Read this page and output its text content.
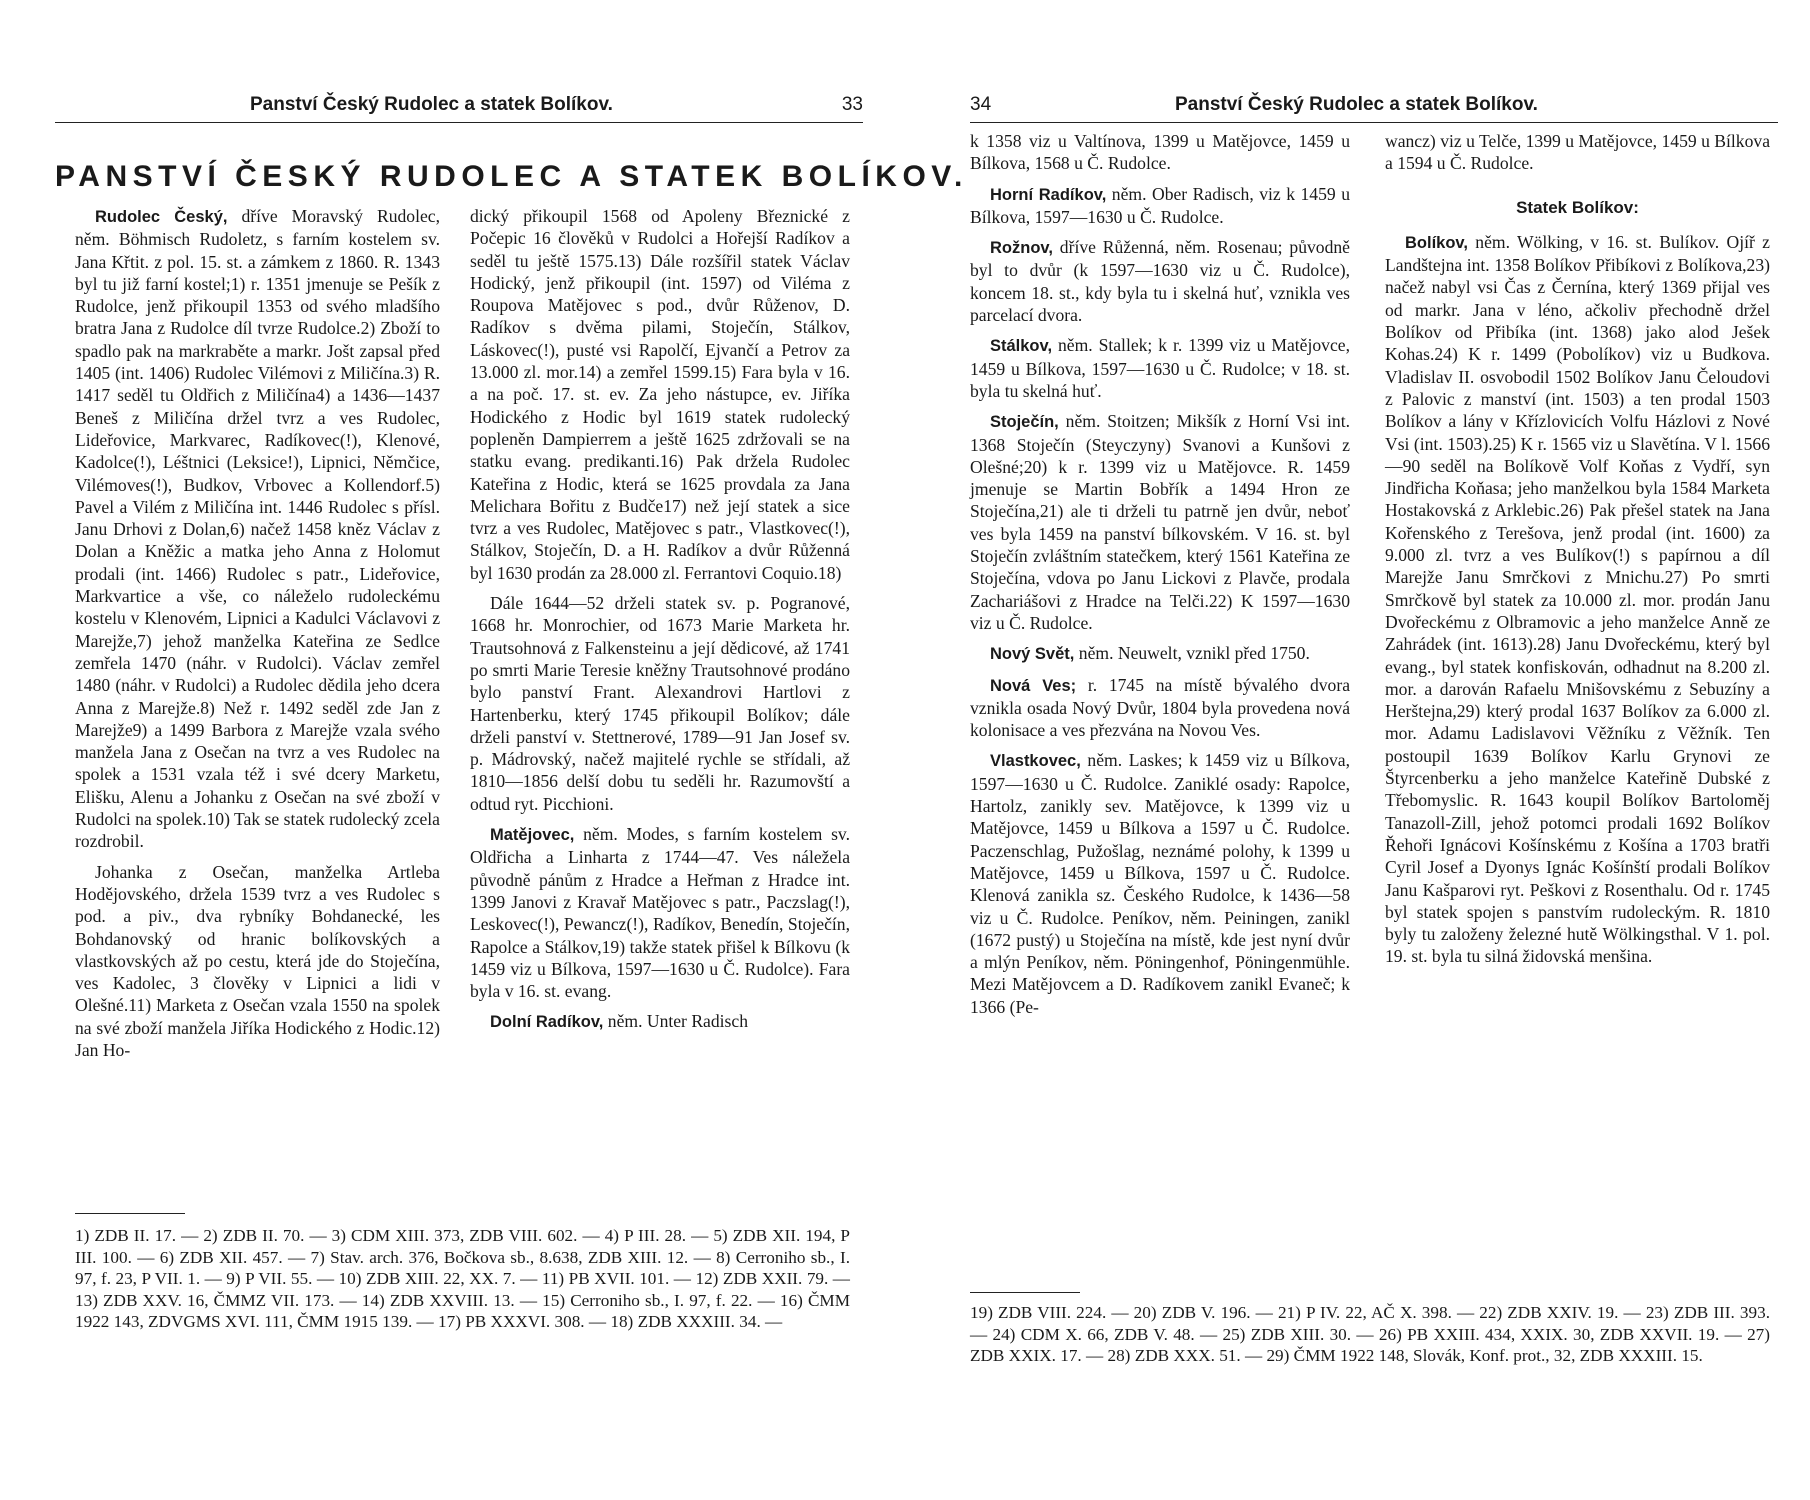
Panství Český Rudolec a statek Bolíkov.	33
PANSTVÍ ČESKÝ RUDOLEC A STATEK BOLÍKOV.

Rudolec Český, dříve Moravský Rudolec, něm. Böhmisch Rudoletz, s farním kostelem sv. Jana Křtit. z pol. 15. st. a zámkem z 1860. R. 1343 byl tu již farní kostel;1) r. 1351 jmenuje se Pešík z Rudolce, jenž přikoupil 1353 od svého mladšího bratra Jana z Rudolce díl tvrze Rudolce.2) Zboží to spadlo pak na markraběte a markr. Jošt zapsal před 1405 (int. 1406) Rudolec Vilémovi z Miličína.3) R. 1417 seděl tu Oldřich z Miličína4) a 1436—1437 Beneš z Miličína držel tvrz a ves Rudolec, Lideřovice, Markvarec, Radíkovec(!), Klenové, Kadolce(!), Léštnici (Leksice!), Lipnici, Němčice, Vilémoves(!), Budkov, Vrbovec a Kollendorf.5) Pavel a Vilém z Miličína int. 1446 Rudolec s přísl. Janu Drhovi z Dolan,6) načež 1458 kněz Václav z Dolan a Kněžic a matka jeho Anna z Holomut prodali (int. 1466) Rudolec s patr., Lideřovice, Markvartice a vše, co náleželo rudoleckému kostelu v Klenovém, Lipnici a Kadulci Václavovi z Marejže,7) jehož manželka Kateřina ze Sedlce zemřela 1470 (náhr. v Rudolci). Václav zemřel 1480 (náhr. v Rudolci) a Rudolec dědila jeho dcera Anna z Marejže.8) Než r. 1492 seděl zde Jan z Marejže9) a 1499 Barbora z Marejže vzala svého manžela Jana z Osečan na tvrz a ves Rudolec na spolek a 1531 vzala též i své dcery Marketu, Elišku, Alenu a Johanku z Osečan na své zboží v Rudolci na spolek.10) Tak se statek rudolecký zcela rozdrobil.

Johanka z Osečan, manželka Artleba Hodějovského, držela 1539 tvrz a ves Rudolec s pod. a piv., dva rybníky Bohdanecké, les Bohdanovský od hranic bolíkovských a vlastkovských až po cestu, která jde do Stoječína, ves Kadolec, 3 člověky v Lipnici a lidi v Olešné.11) Marketa z Osečan vzala 1550 na spolek na své zboží manžela Jiříka Hodického z Hodic.12) Jan Ho-

dický přikoupil 1568 od Apoleny Březnické z Počepic 16 člověků v Rudolci a Hořejší Radíkov a seděl tu ještě 1575.13) Dále rozšířil statek Václav Hodický, jenž přikoupil (int. 1597) od Viléma z Roupova Matějovec s pod., dvůr Růženov, D. Radíkov s dvěma pilami, Stoječín, Stálkov, Láskovec(!), pusté vsi Rapolčí, Ejvančí a Petrov za 13.000 zl. mor.14) a zemřel 1599.15) Fara byla v 16. a na poč. 17. st. ev. Za jeho nástupce, ev. Jiříka Hodického z Hodic byl 1619 statek rudolecký popleněn Dampierrem a ještě 1625 zdržovali se na statku evang. predikanti.16) Pak držela Rudolec Kateřina z Hodic, která se 1625 provdala za Jana Melichara Bořitu z Budče17) než její statek a sice tvrz a ves Rudolec, Matějovec s patr., Vlastkovec(!), Stálkov, Stoječín, D. a H. Radíkov a dvůr Růženná byl 1630 prodán za 28.000 zl. Ferrantovi Coquio.18)

Dále 1644—52 drželi statek sv. p. Pogranové, 1668 hr. Monrochier, od 1673 Marie Marketa hr. Trautsohnová z Falkensteinu a její dědicové, až 1741 po smrti Marie Teresie kněžny Trautsohnové prodáno bylo panství Frant. Alexandrovi Hartlovi z Hartenberku, který 1745 přikoupil Bolíkov; dále drželi panství v. Stettnerové, 1789—91 Jan Josef sv. p. Mádrovský, načež majitelé rychle se střídali, až 1810—1856 delší dobu tu seděli hr. Razumovští a odtud ryt. Picchioni.

Matějovec, něm. Modes, s farním kostelem sv. Oldřicha a Linharta z 1744—47. Ves náležela původně pánům z Hradce a Heřman z Hradce int. 1399 Janovi z Kravař Matějovec s patr., Paczslag(!), Leskovec(!), Pewancz(!), Radíkov, Benedín, Stoječín, Rapolce a Stálkov,19) takže statek přišel k Bílkovu (k 1459 viz u Bílkova, 1597—1630 u Č. Rudolce). Fara byla v 16. st. evang.

Dolní Radíkov, něm. Unter Radisch

1) ZDB II. 17. — 2) ZDB II. 70. — 3) CDM XIII. 373, ZDB VIII. 602. — 4) P III. 28. — 5) ZDB XII. 194, P III. 100. — 6) ZDB XII. 457. — 7) Stav. arch. 376, Bočkova sb., 8.638, ZDB XIII. 12. — 8) Cerroniho sb., I. 97, f. 23, P VII. 1. — 9) P VII. 55. — 10) ZDB XIII. 22, XX. 7. — 11) PB XVII. 101. — 12) ZDB XXII. 79. — 13) ZDB XXV. 16, ČMMZ VII. 173. — 14) ZDB XXVIII. 13. — 15) Cerroniho sb., I. 97, f. 22. — 16) ČMM 1922 143, ZDVGMS XVI. 111, ČMM 1915 139. — 17) PB XXXVI. 308. — 18) ZDB XXXIII. 34. —

34	Panství Český Rudolec a statek Bolíkov.

k 1358 viz u Valtínova, 1399 u Matějovce, 1459 u Bílkova, 1568 u Č. Rudolce.

Horní Radíkov, něm. Ober Radisch, viz k 1459 u Bílkova, 1597—1630 u Č. Rudolce.

Rožnov, dříve Růženná, něm. Rosenau; původně byl to dvůr (k 1597—1630 viz u Č. Rudolce), koncem 18. st., kdy byla tu i skelná huť, vznikla ves parcelací dvora.

Stálkov, něm. Stallek; k r. 1399 viz u Matějovce, 1459 u Bílkova, 1597—1630 u Č. Rudolce; v 18. st. byla tu skelná huť.

Stoječín, něm. Stoitzen; Mikšík z Horní Vsi int. 1368 Stoječín (Steyczyny) Svanovi a Kunšovi z Olešné;20) k r. 1399 viz u Matějovce. R. 1459 jmenuje se Martin Bobřík a 1494 Hron ze Stoječína,21) ale ti drželi tu patrně jen dvůr, neboť ves byla 1459 na panství bílkovském. V 16. st. byl Stoječín zvláštním statečkem, který 1561 Kateřina ze Stoječína, vdova po Janu Lickovi z Plavče, prodala Zachariášovi z Hradce na Telči.22) K 1597—1630 viz u Č. Rudolce.

Nový Svět, něm. Neuwelt, vznikl před 1750.

Nová Ves; r. 1745 na místě bývalého dvora vznikla osada Nový Dvůr, 1804 byla provedena nová kolonisace a ves přezvána na Novou Ves.

Vlastkovec, něm. Laskes; k 1459 viz u Bílkova, 1597—1630 u Č. Rudolce. Zaniklé osady: Rapolce, Hartolz, zanikly sev. Matějovce, k 1399 viz u Matějovce, 1459 u Bílkova a 1597 u Č. Rudolce. Paczenschlag, Pužošlag, neznámé polohy, k 1399 u Matějovce, 1459 u Bílkova, 1597 u Č. Rudolce. Klenová zanikla sz. Českého Rudolce, k 1436—58 viz u Č. Rudolce. Peníkov, něm. Peiningen, zanikl (1672 pustý) u Stoječína na místě, kde jest nyní dvůr a mlýn Peníkov, něm. Pöningenhof, Pöningenmühle. Mezi Matějovcem a D. Radíkovem zanikl Evaneč; k 1366 (Pe-

wancz) viz u Telče, 1399 u Matějovce, 1459 u Bílkova a 1594 u Č. Rudolce.

Statek Bolíkov:

Bolíkov, něm. Wölking, v 16. st. Bulíkov. Ojíř z Landštejna int. 1358 Bolíkov Přibíkovi z Bolíkova,23) načež nabyl vsi Čas z Černína, který 1369 přijal ves od markr. Jana v léno, ačkoliv přechodně držel Bolíkov od Přibíka (int. 1368) jako alod Ješek Kohas.24) K r. 1499 (Pobolíkov) viz u Budkova. Vladislav II. osvobodil 1502 Bolíkov Janu Čeloudovi z Palovic z manství (int. 1503) a ten prodal 1503 Bolíkov a lány v Křízlovicích Volfu Házlovi z Nové Vsi (int. 1503).25) K r. 1565 viz u Slavětína. V l. 1566—90 seděl na Bolíkově Volf Koňas z Vydří, syn Jindřicha Koňasa; jeho manželkou byla 1584 Marketa Hostakovská z Arklebic.26) Pak přešel statek na Jana Kořenského z Terešova, jenž prodal (int. 1600) za 9.000 zl. tvrz a ves Bulíkov(!) s papírnou a díl Marejže Janu Smrčkovi z Mnichu.27) Po smrti Smrčkově byl statek za 10.000 zl. mor. prodán Janu Dvořeckému z Olbramovic a jeho manželce Anně ze Zahrádek (int. 1613).28) Janu Dvořeckému, který byl evang., byl statek konfiskován, odhadnut na 8.200 zl. mor. a darován Rafaelu Mnišovskému z Sebuzíny a Herštejna,29) který prodal 1637 Bolíkov za 6.000 zl. mor. Adamu Ladislavovi Věžníku z Věžník. Ten postoupil 1639 Bolíkov Karlu Grynovi ze Štyrcenberku a jeho manželce Kateřině Dubské z Třebomyslic. R. 1643 koupil Bolíkov Bartoloměj Tanazoll-Zill, jehož potomci prodali 1692 Bolíkov Řehoři Ignácovi Košínskému z Košína a 1703 bratři Cyril Josef a Dyonys Ignác Košínští prodali Bolíkov Janu Kašparovi ryt. Peškovi z Rosenthalu. Od r. 1745 byl statek spojen s panstvím rudoleckým. R. 1810 byly tu založeny železné hutě Wölkingsthal. V 1. pol. 19. st. byla tu silná židovská menšina.

19) ZDB VIII. 224. — 20) ZDB V. 196. — 21) P IV. 22, AČ X. 398. — 22) ZDB XXIV. 19. — 23) ZDB III. 393. — 24) CDM X. 66, ZDB V. 48. — 25) ZDB XIII. 30. — 26) PB XXIII. 434, XXIX. 30, ZDB XXVII. 19. — 27) ZDB XXIX. 17. — 28) ZDB XXX. 51. — 29) ČMM 1922 148, Slovák, Konf. prot., 32, ZDB XXXIII. 15.
